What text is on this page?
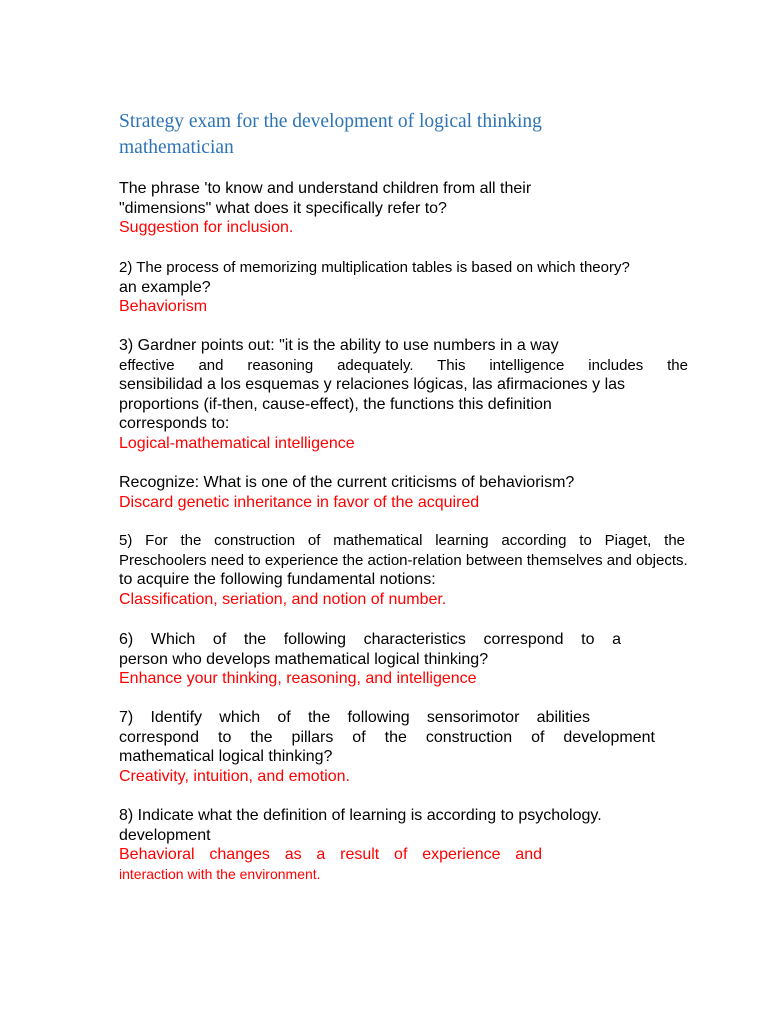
Strategy exam for the development of logical thinking
mathematician
The phrase 'to know and understand children from all their
"dimensions" what does it specifically refer to?
Suggestion for inclusion.
2) The process of memorizing multiplication tables is based on which theory?
an example?
Behaviorism
3) Gardner points out: "it is the ability to use numbers in a way
effective and reasoning adequately. This intelligence includes the
sensibilidad a los esquemas y relaciones lógicas, las afirmaciones y las
proportions (if-then, cause-effect), the functions this definition
corresponds to:
Logical-mathematical intelligence
Recognize: What is one of the current criticisms of behaviorism?
Discard genetic inheritance in favor of the acquired
5) For the construction of mathematical learning according to Piaget, the
Preschoolers need to experience the action-relation between themselves and objects.
to acquire the following fundamental notions:
Classification, seriation, and notion of number.
6) Which of the following characteristics correspond to a
person who develops mathematical logical thinking?
Enhance your thinking, reasoning, and intelligence
7) Identify which of the following sensorimotor abilities
correspond to the pillars of the construction of development
mathematical logical thinking?
Creativity, intuition, and emotion.
8) Indicate what the definition of learning is according to psychology.
development
Behavioral changes as a result of experience and
interaction with the environment.
